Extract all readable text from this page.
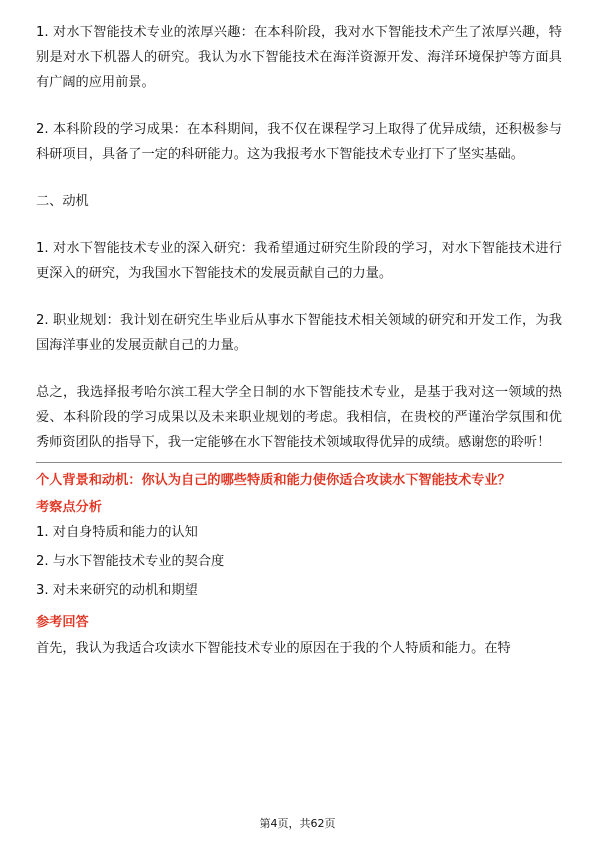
1. 对水下智能技术专业的浓厚兴趣：在本科阶段，我对水下智能技术产生了浓厚兴趣，特别是对水下机器人的研究。我认为水下智能技术在海洋资源开发、海洋环境保护等方面具有广阔的应用前景。

2. 本科阶段的学习成果：在本科期间，我不仅在课程学习上取得了优异成绩，还积极参与科研项目，具备了一定的科研能力。这为我报考水下智能技术专业打下了坚实基础。

二、动机

1. 对水下智能技术专业的深入研究：我希望通过研究生阶段的学习，对水下智能技术进行更深入的研究，为我国水下智能技术的发展贡献自己的力量。

2. 职业规划：我计划在研究生毕业后从事水下智能技术相关领域的研究和开发工作，为我国海洋事业的发展贡献自己的力量。

总之，我选择报考哈尔滨工程大学全日制的水下智能技术专业，是基于我对这一领域的热爱、本科阶段的学习成果以及未来职业规划的考虑。我相信，在贵校的严谨治学氛围和优秀师资团队的指导下，我一定能够在水下智能技术领域取得优异的成绩。感谢您的聆听！

个人背景和动机：你认为自己的哪些特质和能力使你适合攻读水下智能技术专业？

考察点分析

1. 对自身特质和能力的认知
2. 与水下智能技术专业的契合度
3. 对未来研究的动机和期望

参考回答

首先，我认为我适合攻读水下智能技术专业的原因在于我的个人特质和能力。在特

第4页，共62页
